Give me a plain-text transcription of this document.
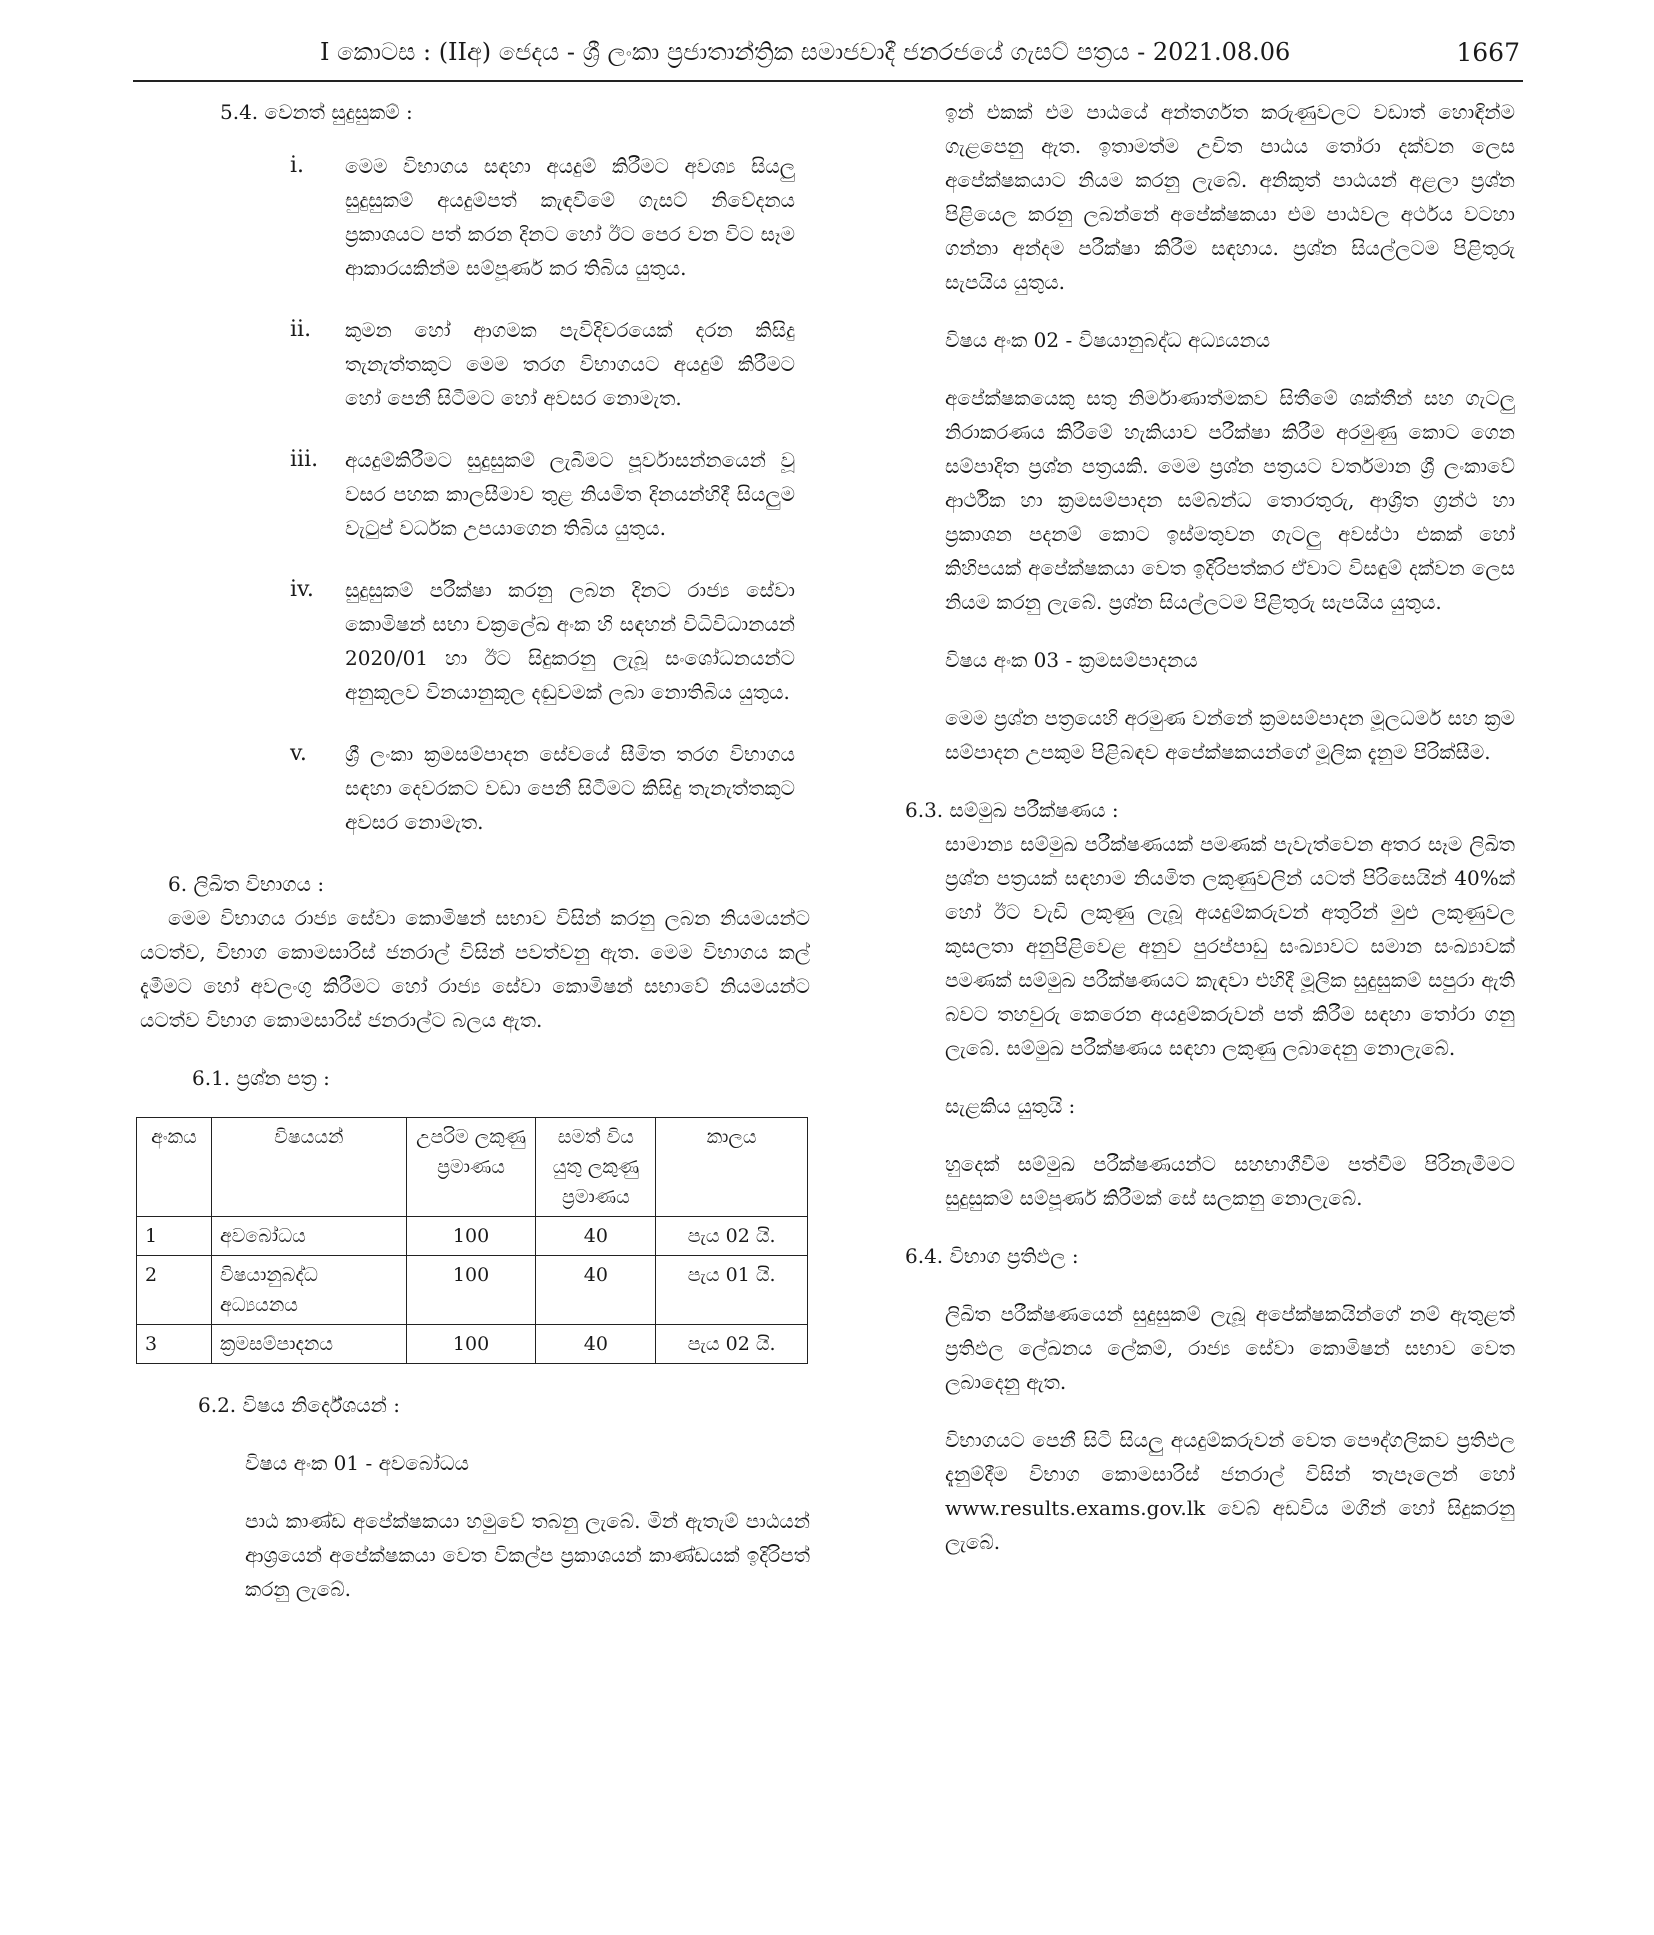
I කොටස : (IIඅ) ජෙදය - ශ්‍රී ලංකා ප්‍රජාතාන්ත්‍රික සමාජවාදී ජනරජයේ ගැසට් පත්‍රය - 2021.08.06	1667

5.4. වෙනත් සුදුසුකම් :

i. මෙම විභාගය සඳහා අයදුම් කිරීමට අවශ්‍ය සියලු සුදුසුකම් අයදුම්පත් කැඳවීමේ ගැසට් නිවේදනය ප්‍රකාශයට පත් කරන දිනට හෝ ඊට පෙර වන විට සෑම ආකාරයකින්ම සම්පූර්ණ කර තිබිය යුතුය.

ii. කුමන හෝ ආගමක පැවිදිවරයෙක් දරන කිසිදු තැනැත්තකුට මෙම තරග විභාගයට අයදුම් කිරීමට හෝ පෙනී සිටීමට හෝ අවසර නොමැත.

iii. අයදුම්කිරීමට සුදුසුකම් ලැබීමට පූර්වාසන්නයෙන් වූ වසර පහක කාලසීමාව තුළ නියමිත දිනයන්හිදී සියලුම වැටුප් වර්ධක උපයාගෙන තිබිය යුතුය.

iv. සුදුසුකම් පරීක්ෂා කරනු ලබන දිනට රාජ්‍ය සේවා කොමිෂන් සභා චක්‍රලේඛ අංක හි සඳහන් විධිවිධානයන් 2020/01 හා ඊට සිදුකරනු ලැබූ සංශෝධනයන්ට අනුකූලව විනයානුකූල දඬුවමක් ලබා නොතිබිය යුතුය.

v. ශ්‍රී ලංකා ක්‍රමසම්පාදන සේවයේ සීමිත තරග විභාගය සඳහා දෙවරකට වඩා පෙනී සිටීමට කිසිදු තැනැත්තකුට අවසර නොමැත.

6. ලිඛිත විභාගය :

මෙම විභාගය රාජ්‍ය සේවා කොමිෂන් සභාව විසින් කරනු ලබන නියමයන්ට යටත්ව, විභාග කොමසාරිස් ජනරාල් විසින් පවත්වනු ඇත. මෙම විභාගය කල් දැමීමට හෝ අවලංගු කිරීමට හෝ රාජ්‍ය සේවා කොමිෂන් සභාවේ නියමයන්ට යටත්ව විභාග කොමසාරිස් ජනරාල්ට බලය ඇත.

6.1. ප්‍රශ්න පත්‍ර :

අංකය	විෂයයන්	උපරිම ලකුණු ප්‍රමාණය	සමත් විය යුතු ලකුණු ප්‍රමාණය	කාලය
1	අවබෝධය	100	40	පැය 02 යි.
2	විෂයානුබද්ධ අධ්‍යයනය	100	40	පැය 01 යි.
3	ක්‍රමසම්පාදනය	100	40	පැය 02 යි.

6.2. විෂය නිර්දේශයන් :

විෂය අංක 01 - අවබෝධය

පාඨ කාණ්ඩ අපේක්ෂකයා හමුවේ තබනු ලැබේ. මින් ඇතැම් පාඨයන් ආශ්‍රයෙන් අපේක්ෂකයා වෙත විකල්ප ප්‍රකාශයන් කාණ්ඩයක් ඉදිරිපත් කරනු ලැබේ.

ඉන් එකක් එම පාඨයේ අන්තර්ගත කරුණුවලට වඩාත් හොඳින්ම ගැළපෙනු ඇත. ඉතාමත්ම උචිත පාඨය තෝරා දක්වන ලෙස අපේක්ෂකයාට නියම කරනු ලැබේ. අනිකුත් පාඨයන් අළලා ප්‍රශ්න පිළියෙල කරනු ලබන්නේ අපේක්ෂකයා එම පාඨවල අර්ථය වටහා ගන්නා අන්දම පරීක්ෂා කිරීම සඳහාය. ප්‍රශ්න සියල්ලටම පිළිතුරු සැපයිය යුතුය.

විෂය අංක 02 - විෂයානුබද්ධ අධ්‍යයනය

අපේක්ෂකයෙකු සතු නිර්මාණාත්මකව සිතීමේ ශක්තීන් සහ ගැටලු නිරාකරණය කිරීමේ හැකියාව පරීක්ෂා කිරීම අරමුණු කොට ගෙන සම්පාදිත ප්‍රශ්න පත්‍රයකි. මෙම ප්‍රශ්න පත්‍රයට වර්තමාන ශ්‍රී ලංකාවේ ආර්ථික හා ක්‍රමසම්පාදන සම්බන්ධ තොරතුරු, ආශ්‍රිත ග්‍රන්ථ හා ප්‍රකාශන පදනම් කොට ඉස්මතුවන ගැටලු අවස්ථා එකක් හෝ කිහිපයක් අපේක්ෂකයා වෙත ඉදිරිපත්කර ඒවාට විසඳුම් දක්වන ලෙස නියම කරනු ලැබේ. ප්‍රශ්න සියල්ලටම පිළිතුරු සැපයිය යුතුය.

විෂය අංක 03 - ක්‍රමසම්පාදනය

මෙම ප්‍රශ්න පත්‍රයෙහි අරමුණ වන්නේ ක්‍රමසම්පාදන මූලධර්ම සහ ක්‍රම සම්පාදන උපකුම පිළිබඳව අපේක්ෂකයන්ගේ මූලික දැනුම පිරික්සීම.

6.3. සම්මුඛ පරීක්ෂණය :

සාමාන්‍ය සම්මුඛ පරීක්ෂණයක් පමණක් පැවැත්වෙන අතර සෑම ලිඛිත ප්‍රශ්න පත්‍රයක් සඳහාම නියමිත ලකුණුවලින් යටත් පිරිසෙයින් 40%ක් හෝ ඊට වැඩි ලකුණු ලැබූ අයදුම්කරුවන් අතුරින් මුළු ලකුණුවල කුසලතා අනුපිළිවෙළ අනුව පුරප්පාඩු සංඛ්‍යාවට සමාන සංඛ්‍යාවක් පමණක් සම්මුඛ පරීක්ෂණයට කැඳවා එහිදී මූලික සුදුසුකම් සපුරා ඇති බවට තහවුරු කෙරෙන අයදුම්කරුවන් පත් කිරීම සඳහා තෝරා ගනු ලැබේ. සම්මුඛ පරීක්ෂණය සඳහා ලකුණු ලබාදෙනු නොලැබේ.

සැළකිය යුතුයි :

හුදෙක් සම්මුඛ පරීක්ෂණයන්ට සහභාගීවීම පත්වීම පිරිනැමීමට සුදුසුකම් සම්පූර්ණ කිරීමක් සේ සලකනු නොලැබේ.

6.4. විභාග ප්‍රතිඵල :

ලිඛිත පරීක්ෂණයෙන් සුදුසුකම් ලැබූ අපේක්ෂකයින්ගේ නම් ඇතුළත් ප්‍රතිඵල ලේඛනය ලේකම්, රාජ්‍ය සේවා කොමිෂන් සභාව වෙත ලබාදෙනු ඇත.

විභාගයට පෙනී සිටි සියලු අයදුම්කරුවන් වෙත පෞද්ගලිකව ප්‍රතිඵල දැනුම්දීම විභාග කොමසාරිස් ජනරාල් විසින් තැපෑලෙන් හෝ www.results.exams.gov.lk වෙබ් අඩවිය මගින් හෝ සිදුකරනු ලැබේ.
